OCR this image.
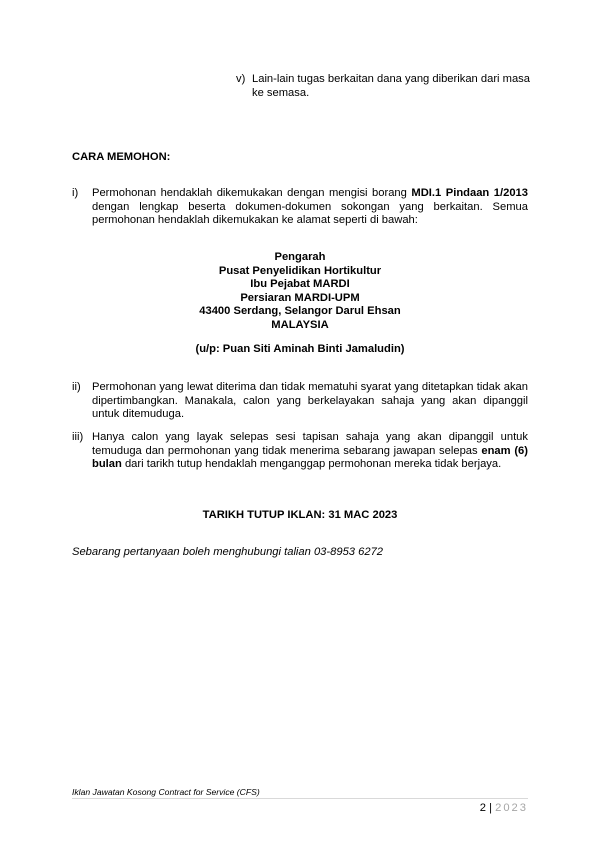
v) Lain-lain tugas berkaitan dana yang diberikan dari masa ke semasa.
CARA MEMOHON:
i) Permohonan hendaklah dikemukakan dengan mengisi borang MDI.1 Pindaan 1/2013 dengan lengkap beserta dokumen-dokumen sokongan yang berkaitan. Semua permohonan hendaklah dikemukakan ke alamat seperti di bawah:
Pengarah
Pusat Penyelidikan Hortikultur
Ibu Pejabat MARDI
Persiaran MARDI-UPM
43400 Serdang, Selangor Darul Ehsan
MALAYSIA
(u/p: Puan Siti Aminah Binti Jamaludin)
ii) Permohonan yang lewat diterima dan tidak mematuhi syarat yang ditetapkan tidak akan dipertimbangkan. Manakala, calon yang berkelayakan sahaja yang akan dipanggil untuk ditemuduga.
iii) Hanya calon yang layak selepas sesi tapisan sahaja yang akan dipanggil untuk temuduga dan permohonan yang tidak menerima sebarang jawapan selepas enam (6) bulan dari tarikh tutup hendaklah menganggap permohonan mereka tidak berjaya.
TARIKH TUTUP IKLAN: 31 MAC 2023
Sebarang pertanyaan boleh menghubungi talian 03-8953 6272
Iklan Jawatan Kosong Contract for Service (CFS)
2 | 2023
